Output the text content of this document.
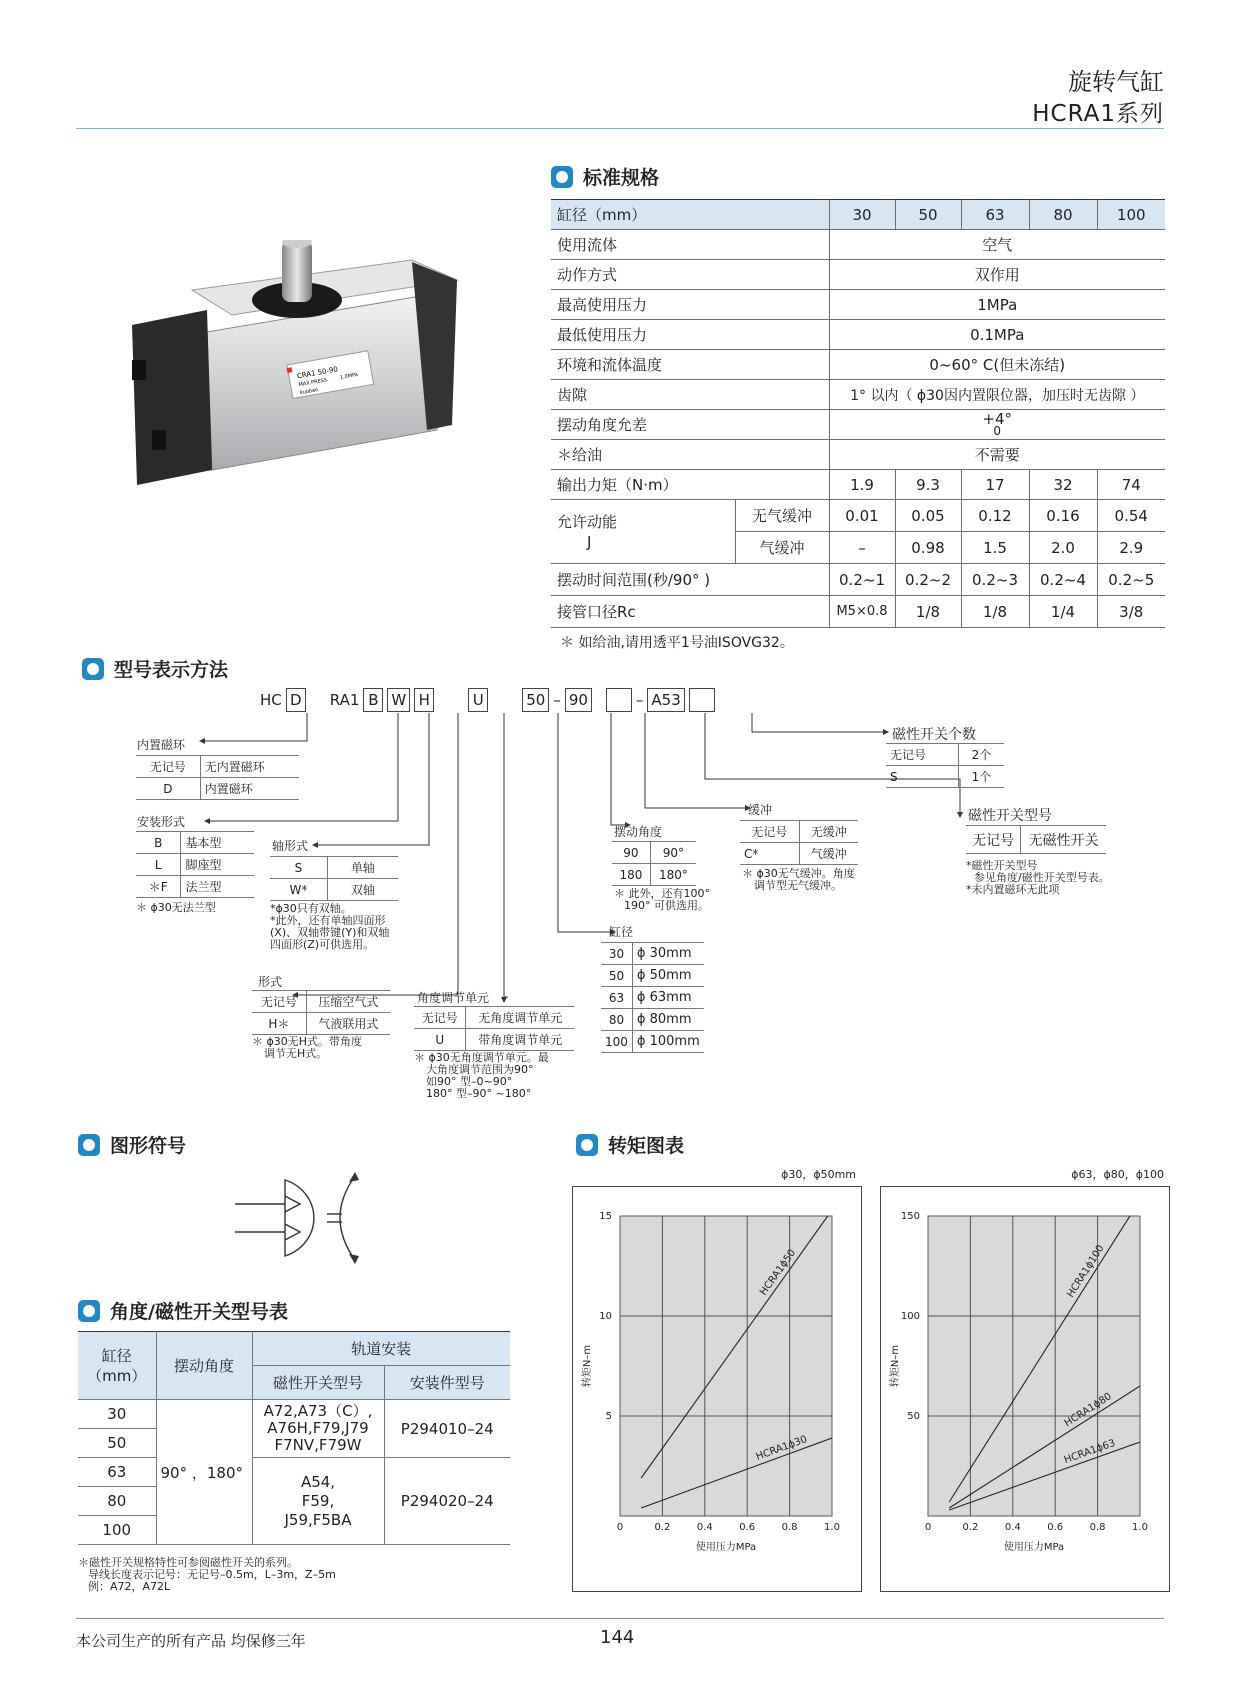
旋转气缸
HCRA1系列
CRA1 50-90
MAX.PRESS.
1.0MPa
kuobao
标准规格
缸径（mm）		30	50	63	80	100
使用流体		空气				
动作方式		双作用				
最高使用压力		1MPa				
最低使用压力		0.1MPa				
环境和流体温度		0~60° C(但未冻结)				
齿隙		1° 以内（ ϕ30因内置限位器，加压时无齿隙 ）				
摆动角度允差		+4°
0				

＊给油		不需要				
输出力矩（N·m）		1.9	9.3	17	32	74

允许动能
J	无气缓冲	0.01	0.05	0.12	0.16	0.54
	气缓冲	–	0.98	1.5	2.0	2.9
摆动时间范围(秒/90° )		0.2~1	0.2~2	0.2~3	0.2~4	0.2~5
接管口径Rc		M5×0.8	1/8	1/8	1/4	3/8
＊ 如给油,请用透平1号油ISOVG32。
型号表示方法
HC D RA1 B W H	U	50 – 90	– A53
内置磁环
无记号	无内置磁环
D	内置磁环
安装形式
B	基本型
L	脚座型
＊F	法兰型
＊ ϕ30无法兰型
轴形式
S	单轴
W*	双轴
*ϕ30只有双轴。
*此外，还有单轴四面形
(X)、双轴带键(Y)和双轴
四面形(Z)可供选用。
形式
无记号	压缩空气式
H＊	气液联用式
＊ ϕ30无H式。带角度
调节无H式。
角度调节单元
无记号	无角度调节单元
U	带角度调节单元
＊ ϕ30无角度调节单元。最
大角度调节范围为90°
如90° 型–0~90°
180° 型–90° ~180°
缸径
30	ϕ 30mm
50	ϕ 50mm
63	ϕ 63mm
80	ϕ 80mm
100	ϕ 100mm
摆动角度
90	90°
180	180°
＊ 此外，还有100°
190° 可供选用。
缓冲
无记号	无缓冲
C*	气缓冲
＊ ϕ30无气缓冲。角度
调节型无气缓冲。
磁性开关个数
无记号	2个
S	1个
磁性开关型号
无记号	无磁性开关
*磁性开关型号
参见角度/磁性开关型号表。
*未内置磁环无此项
图形符号
角度/磁性开关型号表
缸径
（mm）	摆动角度	轨道安装	
		磁性开关型号	安装件型号
30	90° ，180°	A72,A73（C）,
A76H,F79,J79
F7NV,F79W	P294010–24
50			
63		A54,
F59,
J59,F5BA	P294020–24
80			
100			
＊磁性开关规格特性可参阅磁性开关的系列。
导线长度表示记号：无记号–0.5m，L–3m，Z–5m
例：A72，A72L
转矩图表
ϕ30，ϕ50mm
0	0.2	0.4	0.6	0.8	1.0
5
10
15
使用压力MPa
转矩N–m
HCRA1ϕ50
HCRA1ϕ30
ϕ63，ϕ80，ϕ100
0	0.2	0.4	0.6	0.8	1.0
50
100
150
使用压力MPa
转矩N–m
HCRA1ϕ100
HCRA1ϕ80
HCRA1ϕ63
本公司生产的所有产品 均保修三年	144
